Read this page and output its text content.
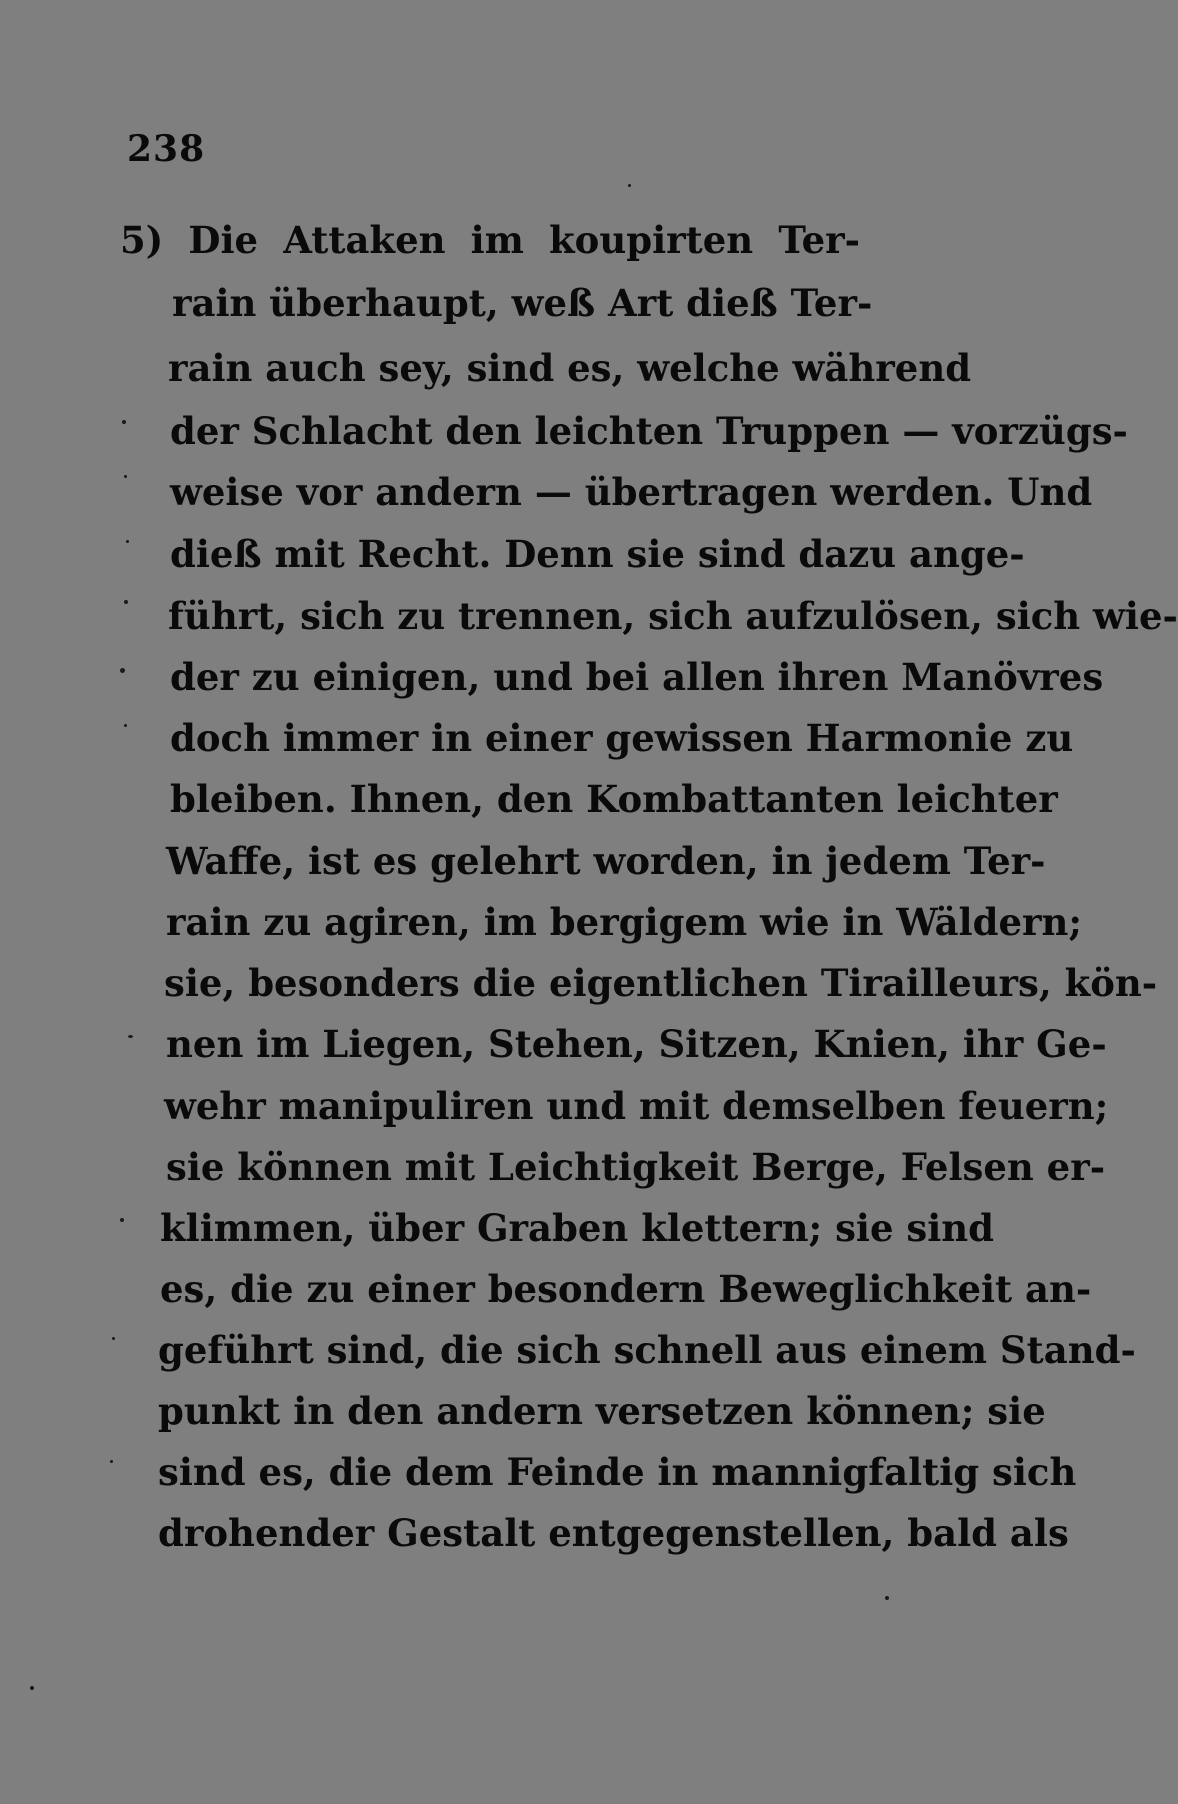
238
5) Die Attaken im koupirten Ter-
rain überhaupt, weß Art dieß Ter-
rain auch sey, sind es, welche während
der Schlacht den leichten Truppen — vorzügs-
weise vor andern — übertragen werden. Und
dieß mit Recht. Denn sie sind dazu ange-
führt, sich zu trennen, sich aufzulösen, sich wie-
der zu einigen, und bei allen ihren Manövres
doch immer in einer gewissen Harmonie zu
bleiben. Ihnen, den Kombattanten leichter
Waffe, ist es gelehrt worden, in jedem Ter-
rain zu agiren, im bergigem wie in Wäldern;
sie, besonders die eigentlichen Tirailleurs, kön-
nen im Liegen, Stehen, Sitzen, Knien, ihr Ge-
wehr manipuliren und mit demselben feuern;
sie können mit Leichtigkeit Berge, Felsen er-
klimmen, über Graben klettern; sie sind
es, die zu einer besondern Beweglichkeit an-
geführt sind, die sich schnell aus einem Stand-
punkt in den andern versetzen können; sie
sind es, die dem Feinde in mannigfaltig sich
drohender Gestalt entgegenstellen, bald als
